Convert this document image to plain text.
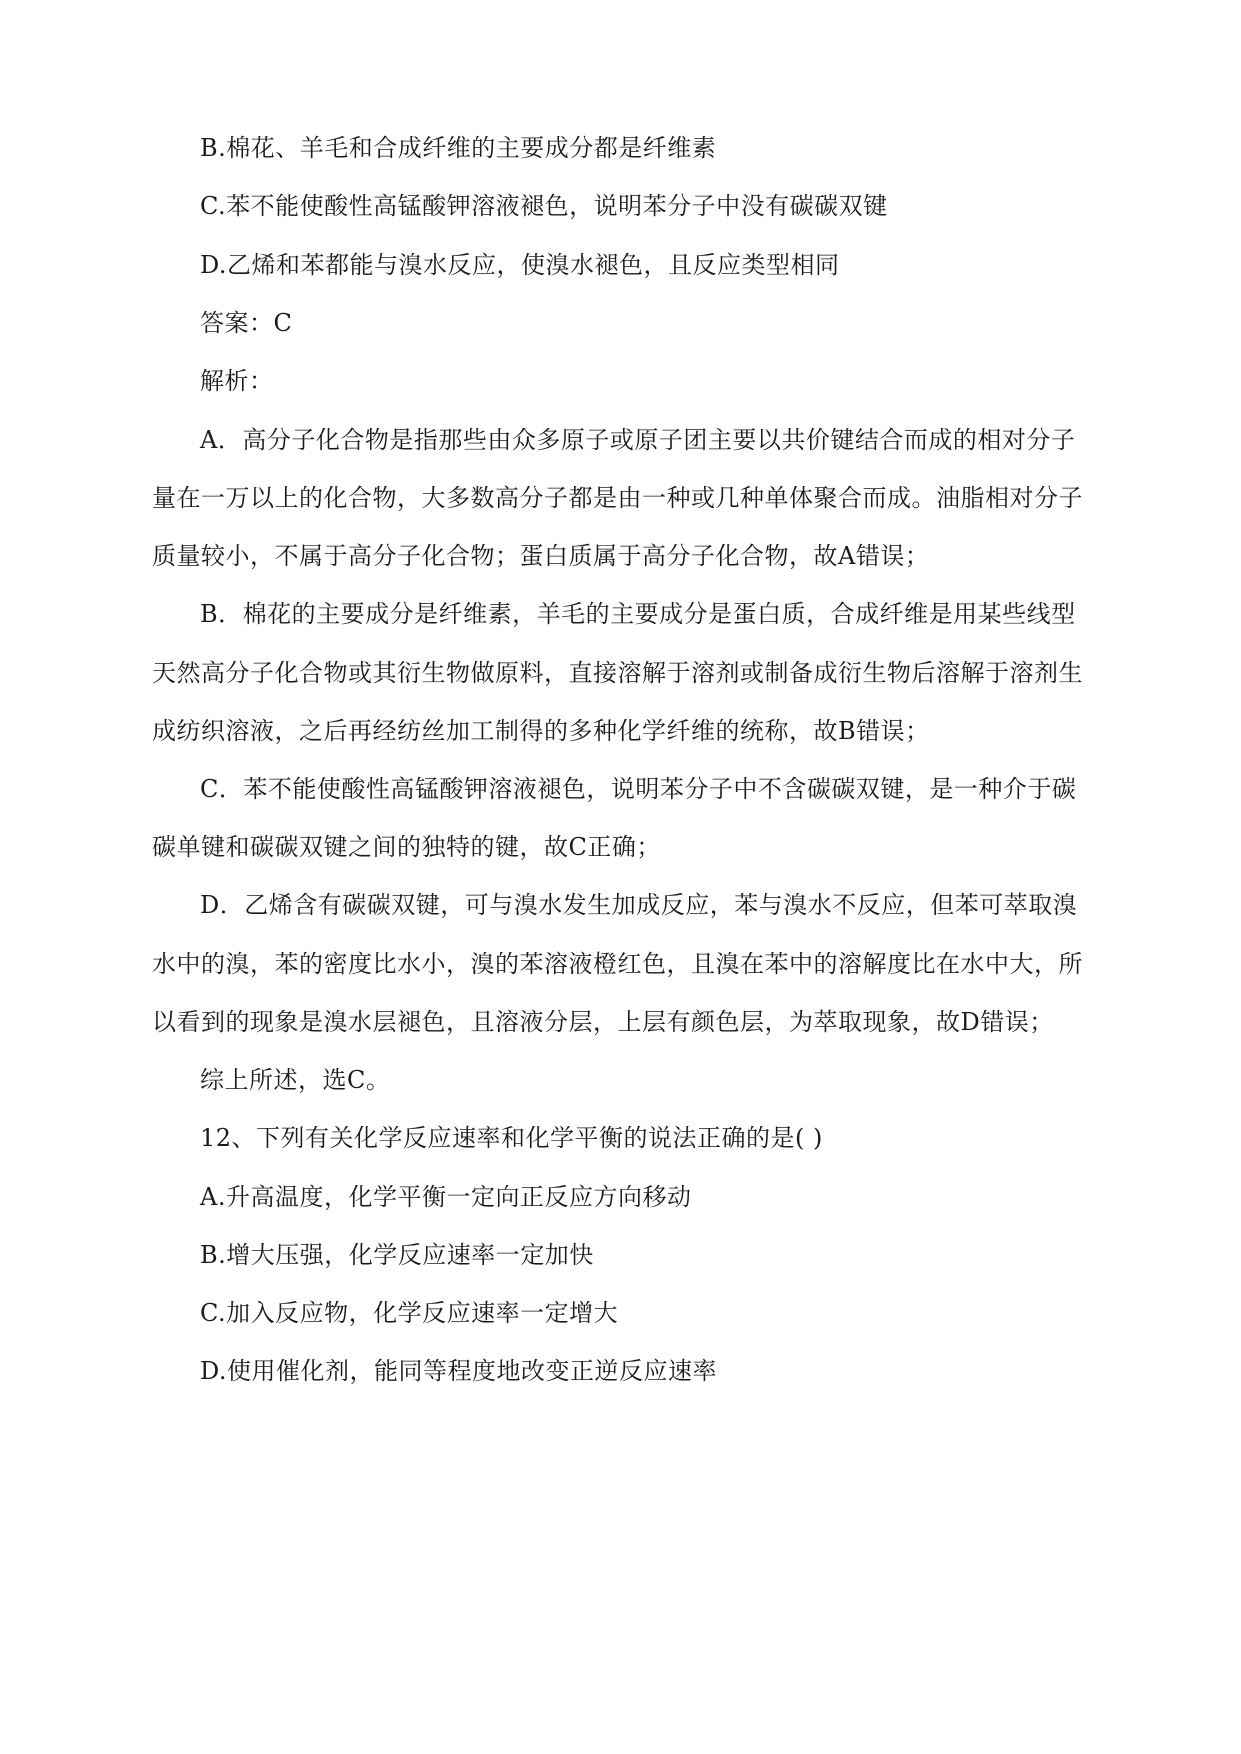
B.棉花、羊毛和合成纤维的主要成分都是纤维素

C.苯不能使酸性高锰酸钾溶液褪色，说明苯分子中没有碳碳双键

D.乙烯和苯都能与溴水反应，使溴水褪色，且反应类型相同

答案：C

解析：

A．高分子化合物是指那些由众多原子或原子团主要以共价键结合而成的相对分子

量在一万以上的化合物，大多数高分子都是由一种或几种单体聚合而成。油脂相对分子

质量较小，不属于高分子化合物；蛋白质属于高分子化合物，故A错误；

B．棉花的主要成分是纤维素，羊毛的主要成分是蛋白质，合成纤维是用某些线型

天然高分子化合物或其衍生物做原料，直接溶解于溶剂或制备成衍生物后溶解于溶剂生

成纺织溶液，之后再经纺丝加工制得的多种化学纤维的统称，故B错误；

C．苯不能使酸性高锰酸钾溶液褪色，说明苯分子中不含碳碳双键，是一种介于碳

碳单键和碳碳双键之间的独特的键，故C正确；

D．乙烯含有碳碳双键，可与溴水发生加成反应，苯与溴水不反应，但苯可萃取溴

水中的溴，苯的密度比水小，溴的苯溶液橙红色，且溴在苯中的溶解度比在水中大，所

以看到的现象是溴水层褪色，且溶液分层，上层有颜色层，为萃取现象，故D错误；

综上所述，选C。

12、下列有关化学反应速率和化学平衡的说法正确的是( )

A.升高温度，化学平衡一定向正反应方向移动

B.增大压强，化学反应速率一定加快

C.加入反应物，化学反应速率一定增大

D.使用催化剂，能同等程度地改变正逆反应速率
